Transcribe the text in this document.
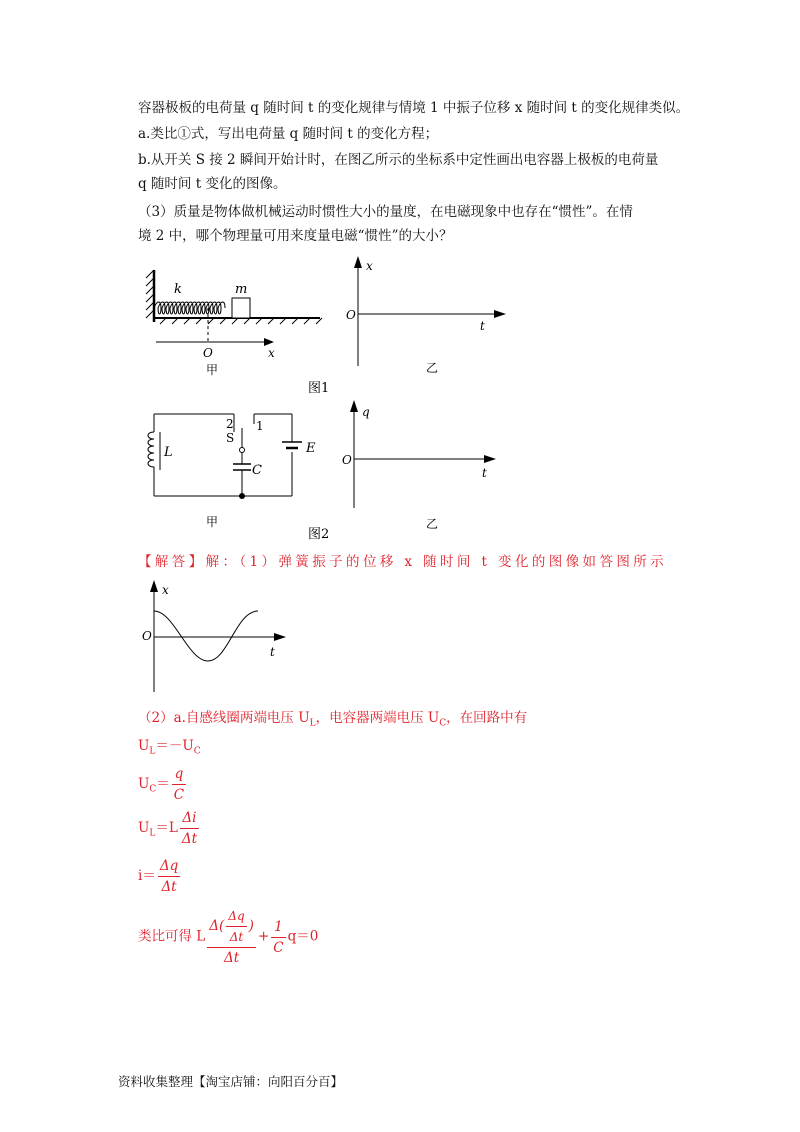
容器极板的电荷量 q 随时间 t 的变化规律与情境 1 中振子位移 x 随时间 t 的变化规律类似。
a.类比①式，写出电荷量 q 随时间 t 的变化方程；
b.从开关 S 接 2 瞬间开始计时，在图乙所示的坐标系中定性画出电容器上极板的电荷量
q 随时间 t 变化的图像。
（3）质量是物体做机械运动时惯性大小的量度，在电磁现象中也存在“惯性”。在情
境 2 中，哪个物理量可用来度量电磁“惯性”的大小？
k	m
O	x
甲
x
O
t
乙
图1
L
2
S
1
E
C
甲
q
O
t
乙
图2
【解答】解：（1）弹簧振子的位移 x 随时间 t 变化的图像如答图所示
x
O
t
（2）a.自感线圈两端电压 $U_L$，电容器两端电压 $U_C$，在回路中有
$U_L=-U_C$
$U_C= \frac{q}{C}$
$U_L=L \frac{\Delta i}{\Delta t}$
$i= \frac{\Delta q}{\Delta t}$
类比可得 L $\frac{\Delta( \frac{\Delta q}{\Delta t} )}{\Delta t} + \frac{1}{C} q=0$
资料收集整理【淘宝店铺：向阳百分百】
